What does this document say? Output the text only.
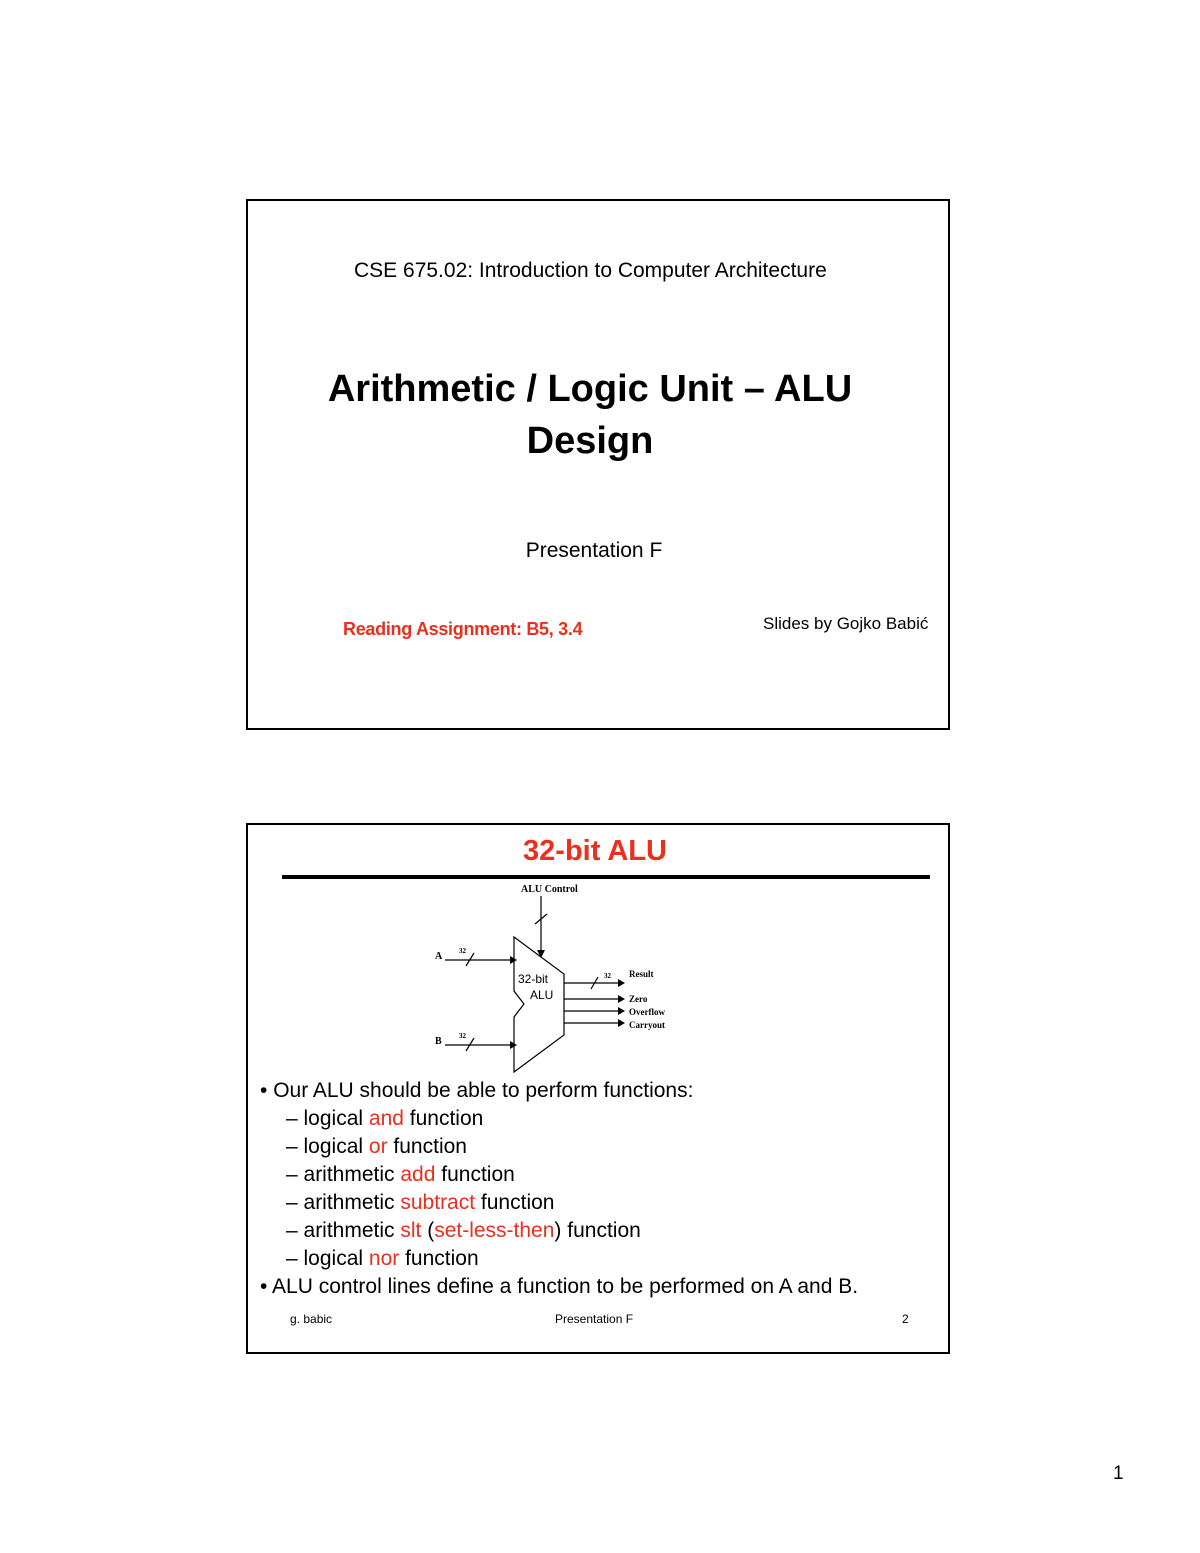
CSE 675.02: Introduction to Computer Architecture
Arithmetic / Logic Unit – ALU
Design
Presentation F
Reading Assignment: B5, 3.4	Slides by Gojko Babić
32-bit ALU
ALU Control
A
B
32
32
32 Result
Zero
Overflow
Carryout
32-bit
ALU
• Our ALU should be able to perform functions:
– logical and function
– logical or function
– arithmetic add function
– arithmetic subtract function
– arithmetic slt (set-less-then) function
– logical nor function
• ALU control lines define a function to be performed on A and B.
g. babic	Presentation F	2
1
